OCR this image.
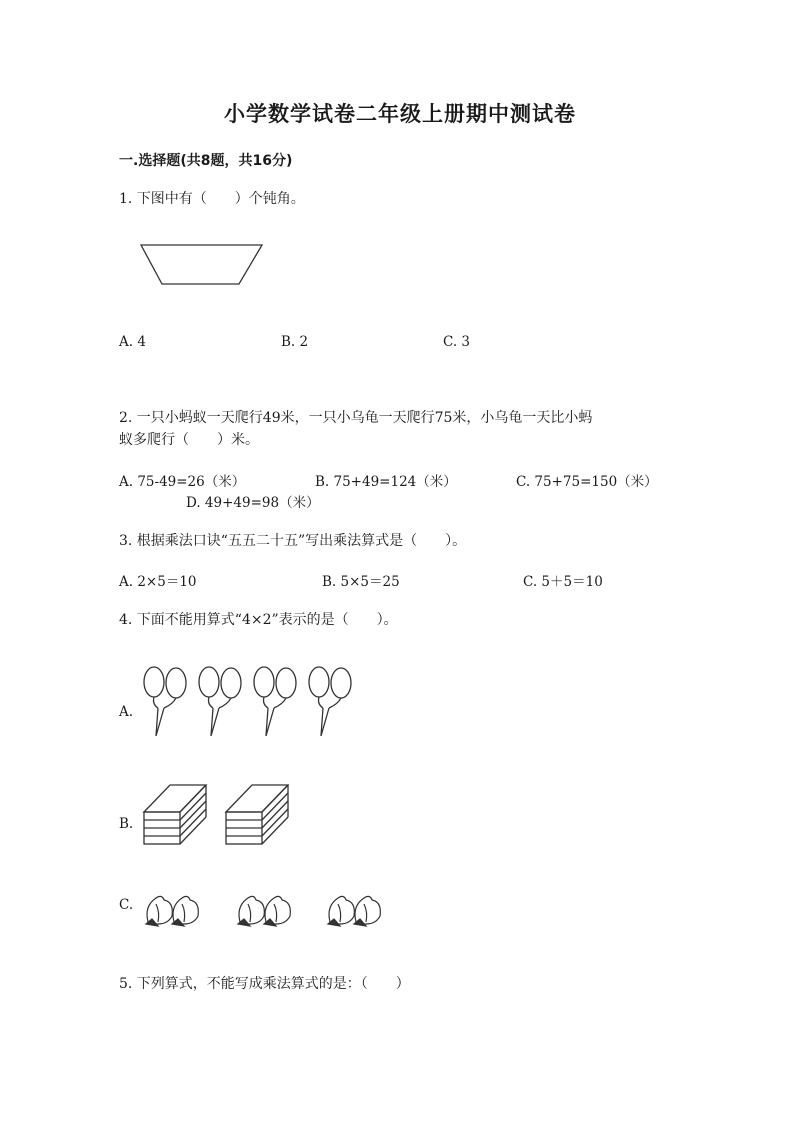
小学数学试卷二年级上册期中测试卷
一.选择题(共8题，共16分)
1. 下图中有（　　）个钝角。
A. 4	B. 2	C. 3
2. 一只小蚂蚁一天爬行49米，一只小乌龟一天爬行75米，小乌龟一天比小蚂
蚁多爬行（　　）米。
A. 75-49=26（米）	B. 75+49=124（米）	C. 75+75=150（米）
D. 49+49=98（米）
3. 根据乘法口诀“五五二十五”写出乘法算式是（　　）。
A. 2×5＝10	B. 5×5＝25	C. 5＋5＝10
4. 下面不能用算式“4×2”表示的是（　　）。
A.
B.
C.
5. 下列算式，不能写成乘法算式的是：（　　）
